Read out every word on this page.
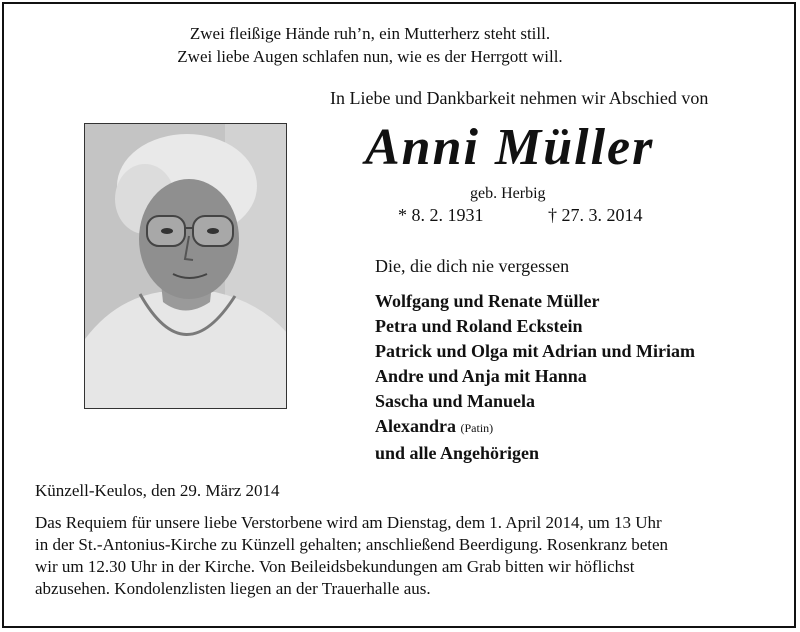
Zwei fleißige Hände ruh’n, ein Mutterherz steht still.
Zwei liebe Augen schlafen nun, wie es der Herrgott will.
In Liebe und Dankbarkeit nehmen wir Abschied von
Anni Müller
geb. Herbig
* 8. 2. 1931	† 27. 3. 2014
Die, die dich nie vergessen
Wolfgang und Renate Müller
Petra und Roland Eckstein
Patrick und Olga mit Adrian und Miriam
Andre und Anja mit Hanna
Sascha und Manuela
Alexandra (Patin)
und alle Angehörigen
Künzell-Keulos, den 29. März 2014
Das Requiem für unsere liebe Verstorbene wird am Dienstag, dem 1. April 2014, um 13 Uhr
in der St.-Antonius-Kirche zu Künzell gehalten; anschließend Beerdigung. Rosenkranz beten
wir um 12.30 Uhr in der Kirche. Von Beileidsbekundungen am Grab bitten wir höflichst
abzusehen. Kondolenzlisten liegen an der Trauerhalle aus.
